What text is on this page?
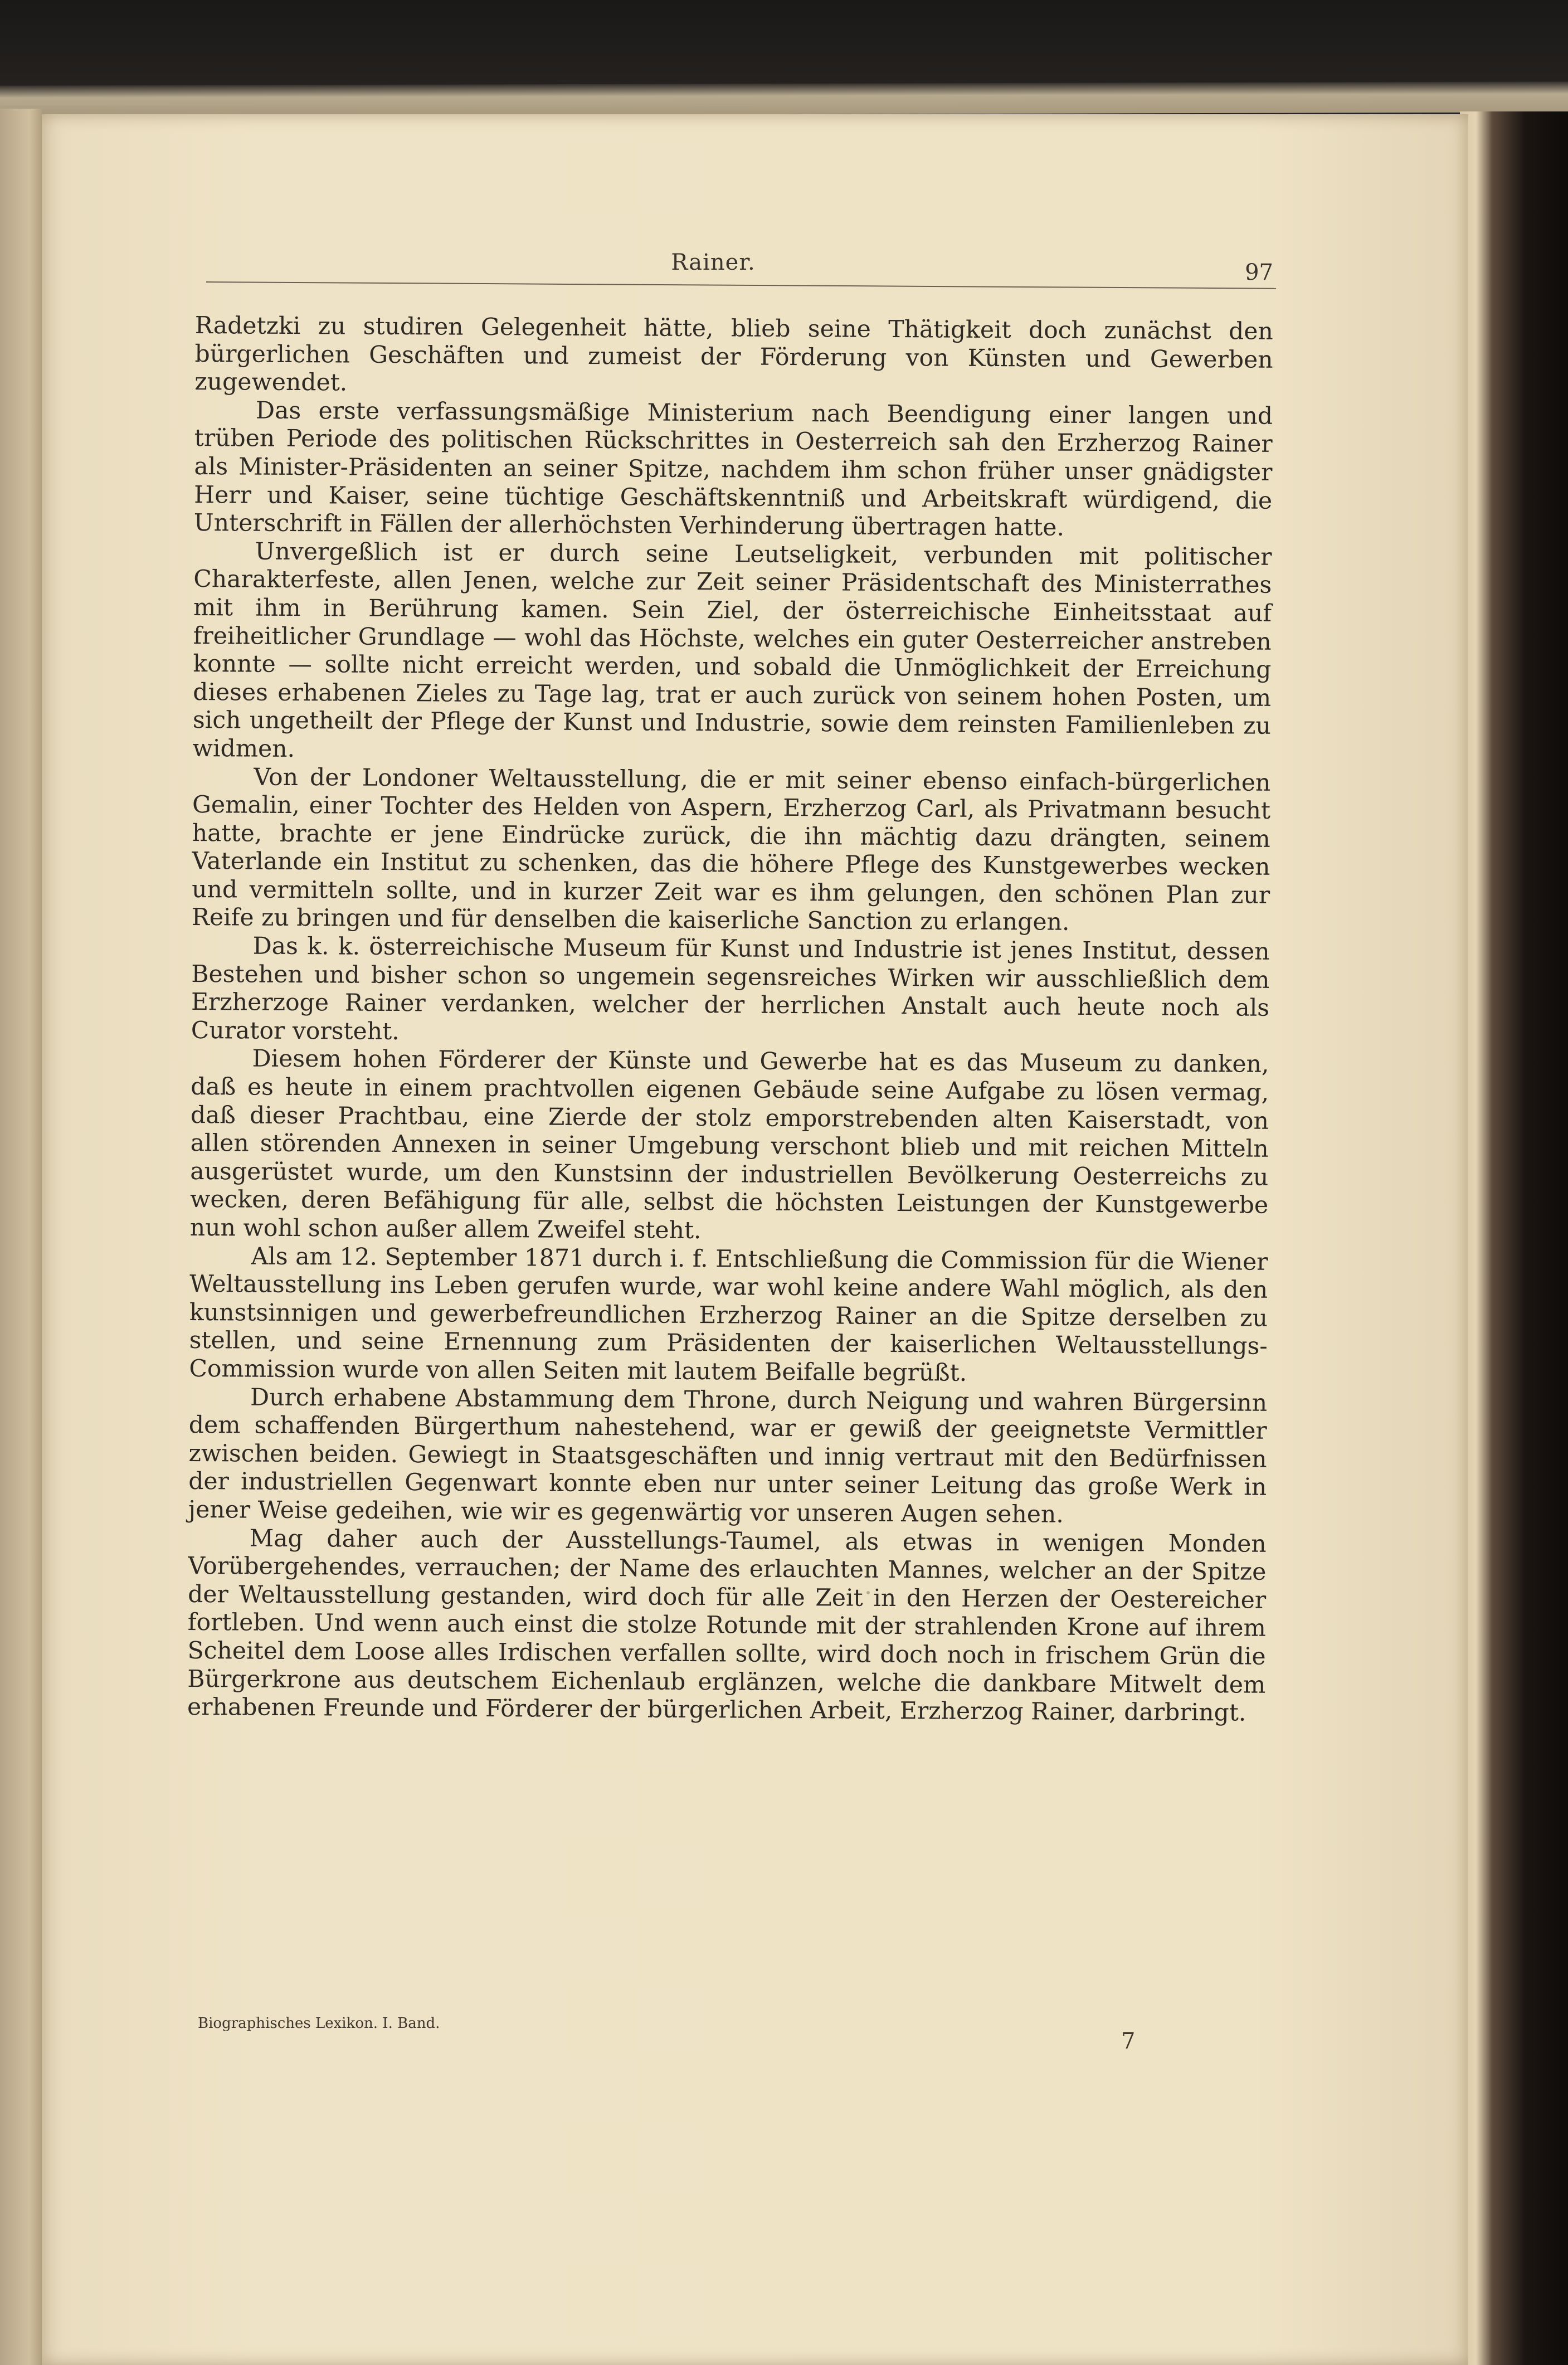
Rainer.	97

Radetzki zu studiren Gelegenheit hätte, blieb seine Thätigkeit doch zunächst den bürgerlichen Geschäften und zumeist der Förderung von Künsten und Gewerben zugewendet.

Das erste verfassungsmäßige Ministerium nach Beendigung einer langen und trüben Periode des politischen Rückschrittes in Oesterreich sah den Erzherzog Rainer als Minister-Präsidenten an seiner Spitze, nachdem ihm schon früher unser gnädigster Herr und Kaiser, seine tüchtige Geschäftskenntniß und Arbeitskraft würdigend, die Unterschrift in Fällen der allerhöchsten Verhinderung übertragen hatte.

Unvergeßlich ist er durch seine Leutseligkeit, verbunden mit politischer Charakterfeste, allen Jenen, welche zur Zeit seiner Präsidentschaft des Ministerrathes mit ihm in Berührung kamen. Sein Ziel, der österreichische Einheitsstaat auf freiheitlicher Grundlage — wohl das Höchste, welches ein guter Oesterreicher anstreben konnte — sollte nicht erreicht werden, und sobald die Unmöglichkeit der Erreichung dieses erhabenen Zieles zu Tage lag, trat er auch zurück von seinem hohen Posten, um sich ungetheilt der Pflege der Kunst und Industrie, sowie dem reinsten Familienleben zu widmen.

Von der Londoner Weltausstellung, die er mit seiner ebenso einfach-bürgerlichen Gemalin, einer Tochter des Helden von Aspern, Erzherzog Carl, als Privatmann besucht hatte, brachte er jene Eindrücke zurück, die ihn mächtig dazu drängten, seinem Vaterlande ein Institut zu schenken, das die höhere Pflege des Kunstgewerbes wecken und vermitteln sollte, und in kurzer Zeit war es ihm gelungen, den schönen Plan zur Reife zu bringen und für denselben die kaiserliche Sanction zu erlangen.

Das k. k. österreichische Museum für Kunst und Industrie ist jenes Institut, dessen Bestehen und bisher schon so ungemein segensreiches Wirken wir ausschließlich dem Erzherzoge Rainer verdanken, welcher der herrlichen Anstalt auch heute noch als Curator vorsteht.

Diesem hohen Förderer der Künste und Gewerbe hat es das Museum zu danken, daß es heute in einem prachtvollen eigenen Gebäude seine Aufgabe zu lösen vermag, daß dieser Prachtbau, eine Zierde der stolz emporstrebenden alten Kaiserstadt, von allen störenden Annexen in seiner Umgebung verschont blieb und mit reichen Mitteln ausgerüstet wurde, um den Kunstsinn der industriellen Bevölkerung Oesterreichs zu wecken, deren Befähigung für alle, selbst die höchsten Leistungen der Kunstgewerbe nun wohl schon außer allem Zweifel steht.

Als am 12. September 1871 durch i. f. Entschließung die Commission für die Wiener Weltausstellung ins Leben gerufen wurde, war wohl keine andere Wahl möglich, als den kunstsinnigen und gewerbefreundlichen Erzherzog Rainer an die Spitze derselben zu stellen, und seine Ernennung zum Präsidenten der kaiserlichen Weltausstellungs-Commission wurde von allen Seiten mit lautem Beifalle begrüßt.

Durch erhabene Abstammung dem Throne, durch Neigung und wahren Bürgersinn dem schaffenden Bürgerthum nahestehend, war er gewiß der geeignetste Vermittler zwischen beiden. Gewiegt in Staatsgeschäften und innig vertraut mit den Bedürfnissen der industriellen Gegenwart konnte eben nur unter seiner Leitung das große Werk in jener Weise gedeihen, wie wir es gegenwärtig vor unseren Augen sehen.

Mag daher auch der Ausstellungs-Taumel, als etwas in wenigen Monden Vorübergehendes, verrauchen; der Name des erlauchten Mannes, welcher an der Spitze der Weltausstellung gestanden, wird doch für alle Zeit in den Herzen der Oestereicher fortleben. Und wenn auch einst die stolze Rotunde mit der strahlenden Krone auf ihrem Scheitel dem Loose alles Irdischen verfallen sollte, wird doch noch in frischem Grün die Bürgerkrone aus deutschem Eichenlaub erglänzen, welche die dankbare Mitwelt dem erhabenen Freunde und Förderer der bürgerlichen Arbeit, Erzherzog Rainer, darbringt.

Biographisches Lexikon. I. Band.
7
